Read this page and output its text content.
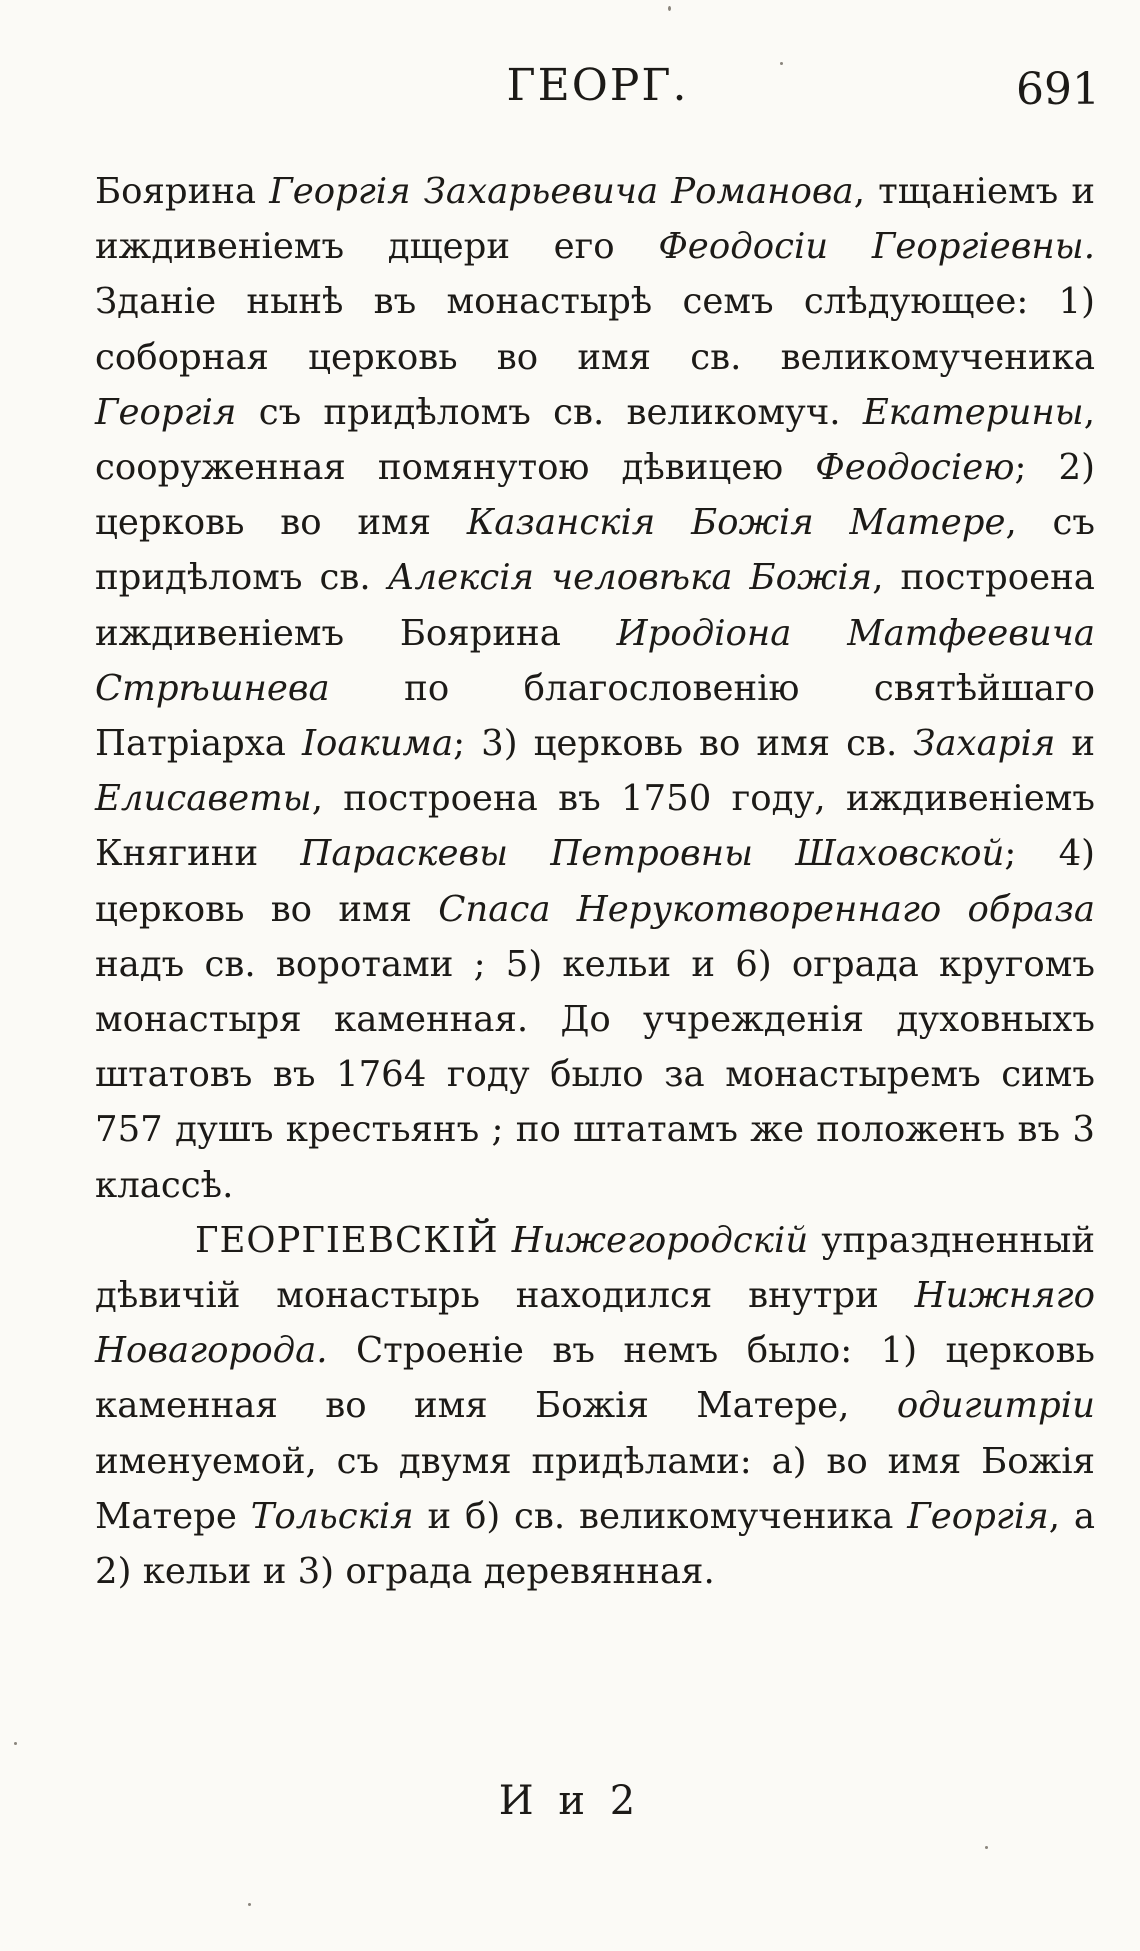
ГЕОРГ.	691

Боярина Георгія Захарьевича Романова, тщаніемъ и иждивеніемъ дщери его Феодосіи Георгіевны. Зданіе нынѣ въ монастырѣ семъ слѣдующее: 1) соборная церковь во имя св. великомученика Георгія съ придѣломъ св. великомуч. Екатерины, сооруженная помянутою дѣвицею Феодосіею; 2) церковь во имя Казанскія Божія Матере, съ придѣломъ св. Алексія человѣка Божія, построена иждивеніемъ Боярина Иродіона Матфеевича Стрѣшнева по благословенію святѣйшаго Патріарха Іоакима; 3) церковь во имя св. Захарія и Елисаветы, построена въ 1750 году, иждивеніемъ Княгини Параскевы Петровны Шаховской; 4) церковь во имя Спаса Нерукотвореннаго образа надъ св. воротами ; 5) кельи и 6) ограда кругомъ монастыря каменная. До учрежденія духовныхъ штатовъ въ 1764 году было за монастыремъ симъ 757 душъ крестьянъ ; по штатамъ же положенъ въ 3 классѣ.

ГЕОРГІЕВСКІЙ Нижегородскій упраздненный дѣвичій монастырь находился внутри Нижняго Новагорода. Строеніе въ немъ было: 1) церковь каменная во имя Божія Матере, одигитріи именуемой, съ двумя придѣлами: а) во имя Божія Матере Тольскія и б) св. великомученика Георгія, а 2) кельи и 3) ограда деревянная.

И и 2
